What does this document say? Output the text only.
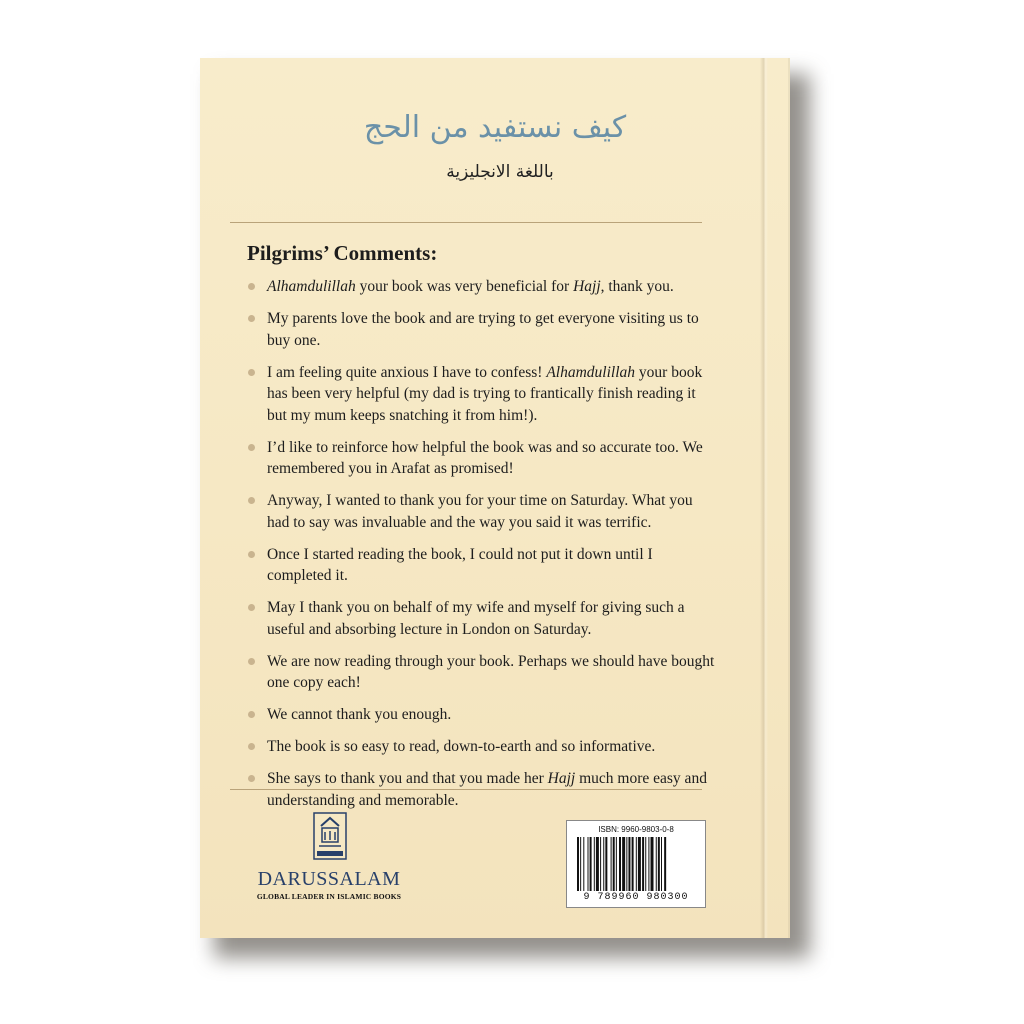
كيف نستفيد من الحج
باللغة الانجليزية
Pilgrims’ Comments:
Alhamdulillah your book was very beneficial for Hajj, thank you.
My parents love the book and are trying to get everyone visiting us to buy one.
I am feeling quite anxious I have to confess! Alhamdulillah your book has been very helpful (my dad is trying to frantically finish reading it but my mum keeps snatching it from him!).
I’d like to reinforce how helpful the book was and so accurate too. We remembered you in Arafat as promised!
Anyway, I wanted to thank you for your time on Saturday. What you had to say was invaluable and the way you said it was terrific.
Once I started reading the book, I could not put it down until I completed it.
May I thank you on behalf of my wife and myself for giving such a useful and absorbing lecture in London on Saturday.
We are now reading through your book. Perhaps we should have bought one copy each!
We cannot thank you enough.
The book is so easy to read, down-to-earth and so informative.
She says to thank you and that you made her Hajj much more easy and understanding and memorable.
DARUSSALAM
GLOBAL LEADER IN ISLAMIC BOOKS
ISBN: 9960-9803-0-8
9 789960 980300
